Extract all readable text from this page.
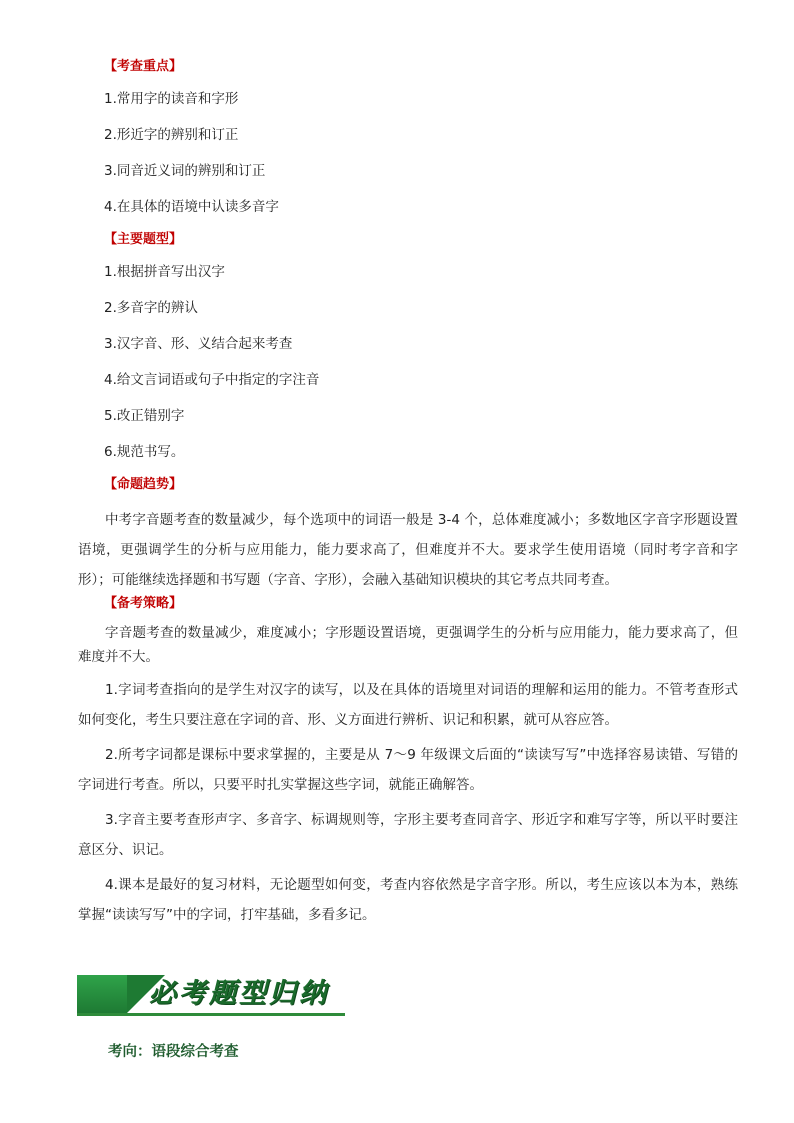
【考查重点】
1.常用字的读音和字形
2.形近字的辨别和订正
3.同音近义词的辨别和订正
4.在具体的语境中认读多音字
【主要题型】
1.根据拼音写出汉字
2.多音字的辨认
3.汉字音、形、义结合起来考查
4.给文言词语或句子中指定的字注音
5.改正错别字
6.规范书写。
【命题趋势】
中考字音题考查的数量减少，每个选项中的词语一般是 3-4 个，总体难度减小；多数地区字音字形题设置语境，更强调学生的分析与应用能力，能力要求高了，但难度并不大。要求学生使用语境（同时考字音和字形）；可能继续选择题和书写题（字音、字形），会融入基础知识模块的其它考点共同考查。
【备考策略】
字音题考查的数量减少，难度减小；字形题设置语境，更强调学生的分析与应用能力，能力要求高了，但难度并不大。
1.字词考查指向的是学生对汉字的读写，以及在具体的语境里对词语的理解和运用的能力。不管考查形式如何变化，考生只要注意在字词的音、形、义方面进行辨析、识记和积累，就可从容应答。
2.所考字词都是课标中要求掌握的，主要是从 7～9 年级课文后面的“读读写写”中选择容易读错、写错的字词进行考查。所以，只要平时扎实掌握这些字词，就能正确解答。
3.字音主要考查形声字、多音字、标调规则等，字形主要考查同音字、形近字和难写字等，所以平时要注意区分、识记。
4.课本是最好的复习材料，无论题型如何变，考查内容依然是字音字形。所以，考生应该以本为本，熟练掌握“读读写写”中的字词，打牢基础，多看多记。
必考题型归纳
考向：语段综合考查
